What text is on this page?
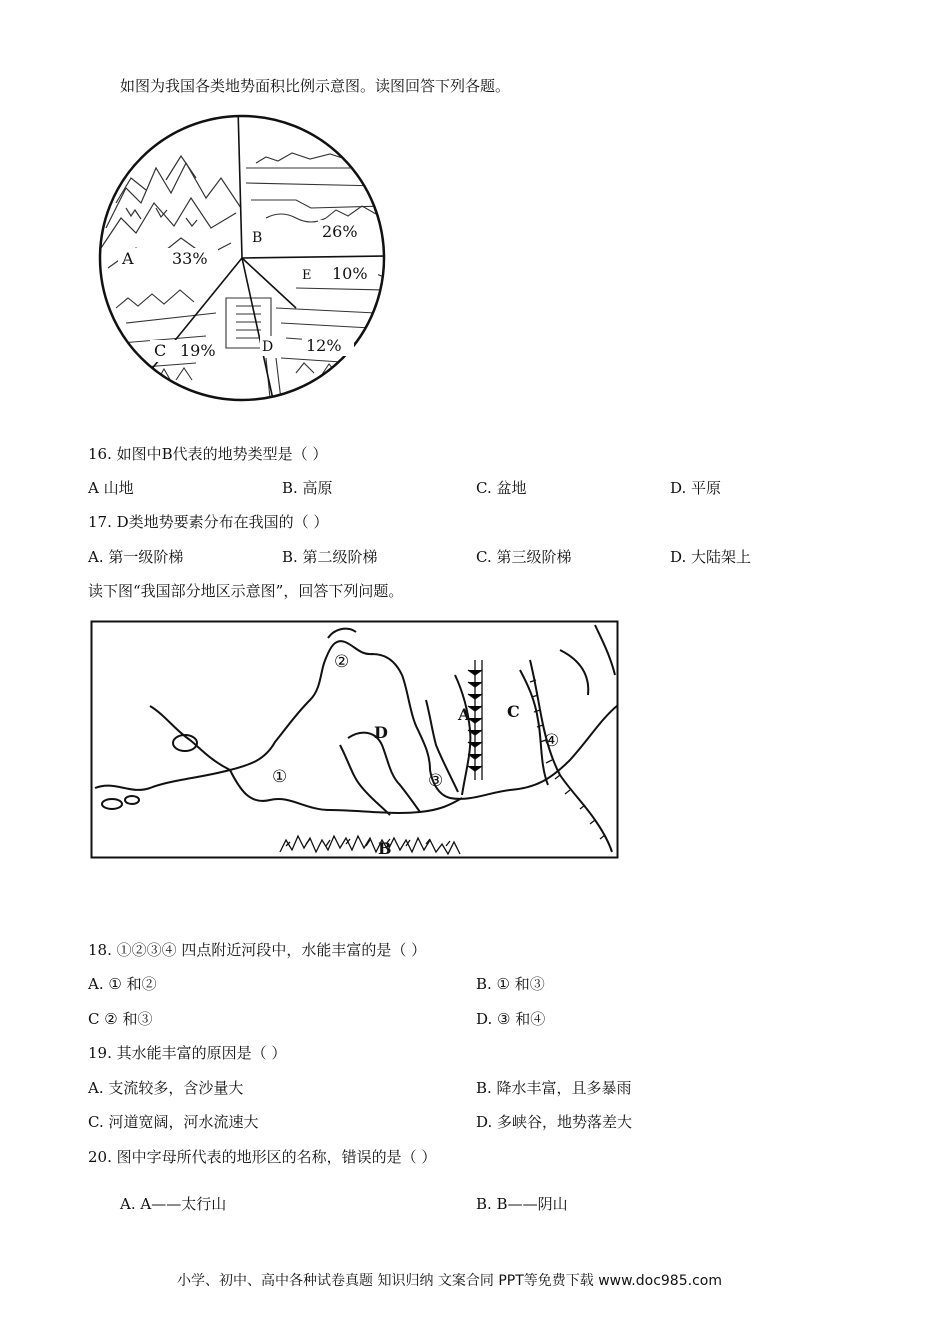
如图为我国各类地势面积比例示意图。读图回答下列各题。
A 33%
B	26%
E 10%
C 19%	D 12%
16. 如图中B代表的地势类型是（ ）
A 山地	B. 高原	C. 盆地	D. 平原
17. D类地势要素分布在我国的（ ）
A. 第一级阶梯	B. 第二级阶梯	C. 第三级阶梯	D. 大陆架上
读下图“我国部分地区示意图”，回答下列问题。
②
①	③
④
A C
D
B
18. ①②③④ 四点附近河段中，水能丰富的是（ ）
A. ① 和②	B. ① 和③
C ② 和③	D. ③ 和④
19. 其水能丰富的原因是（ ）
A. 支流较多，含沙量大	B. 降水丰富，且多暴雨
C. 河道宽阔，河水流速大	D. 多峡谷，地势落差大
20. 图中字母所代表的地形区的名称，错误的是（ ）
A. A——太行山	B. B——阴山
小学、初中、高中各种试卷真题 知识归纳 文案合同 PPT等免费下载 www.doc985.com
